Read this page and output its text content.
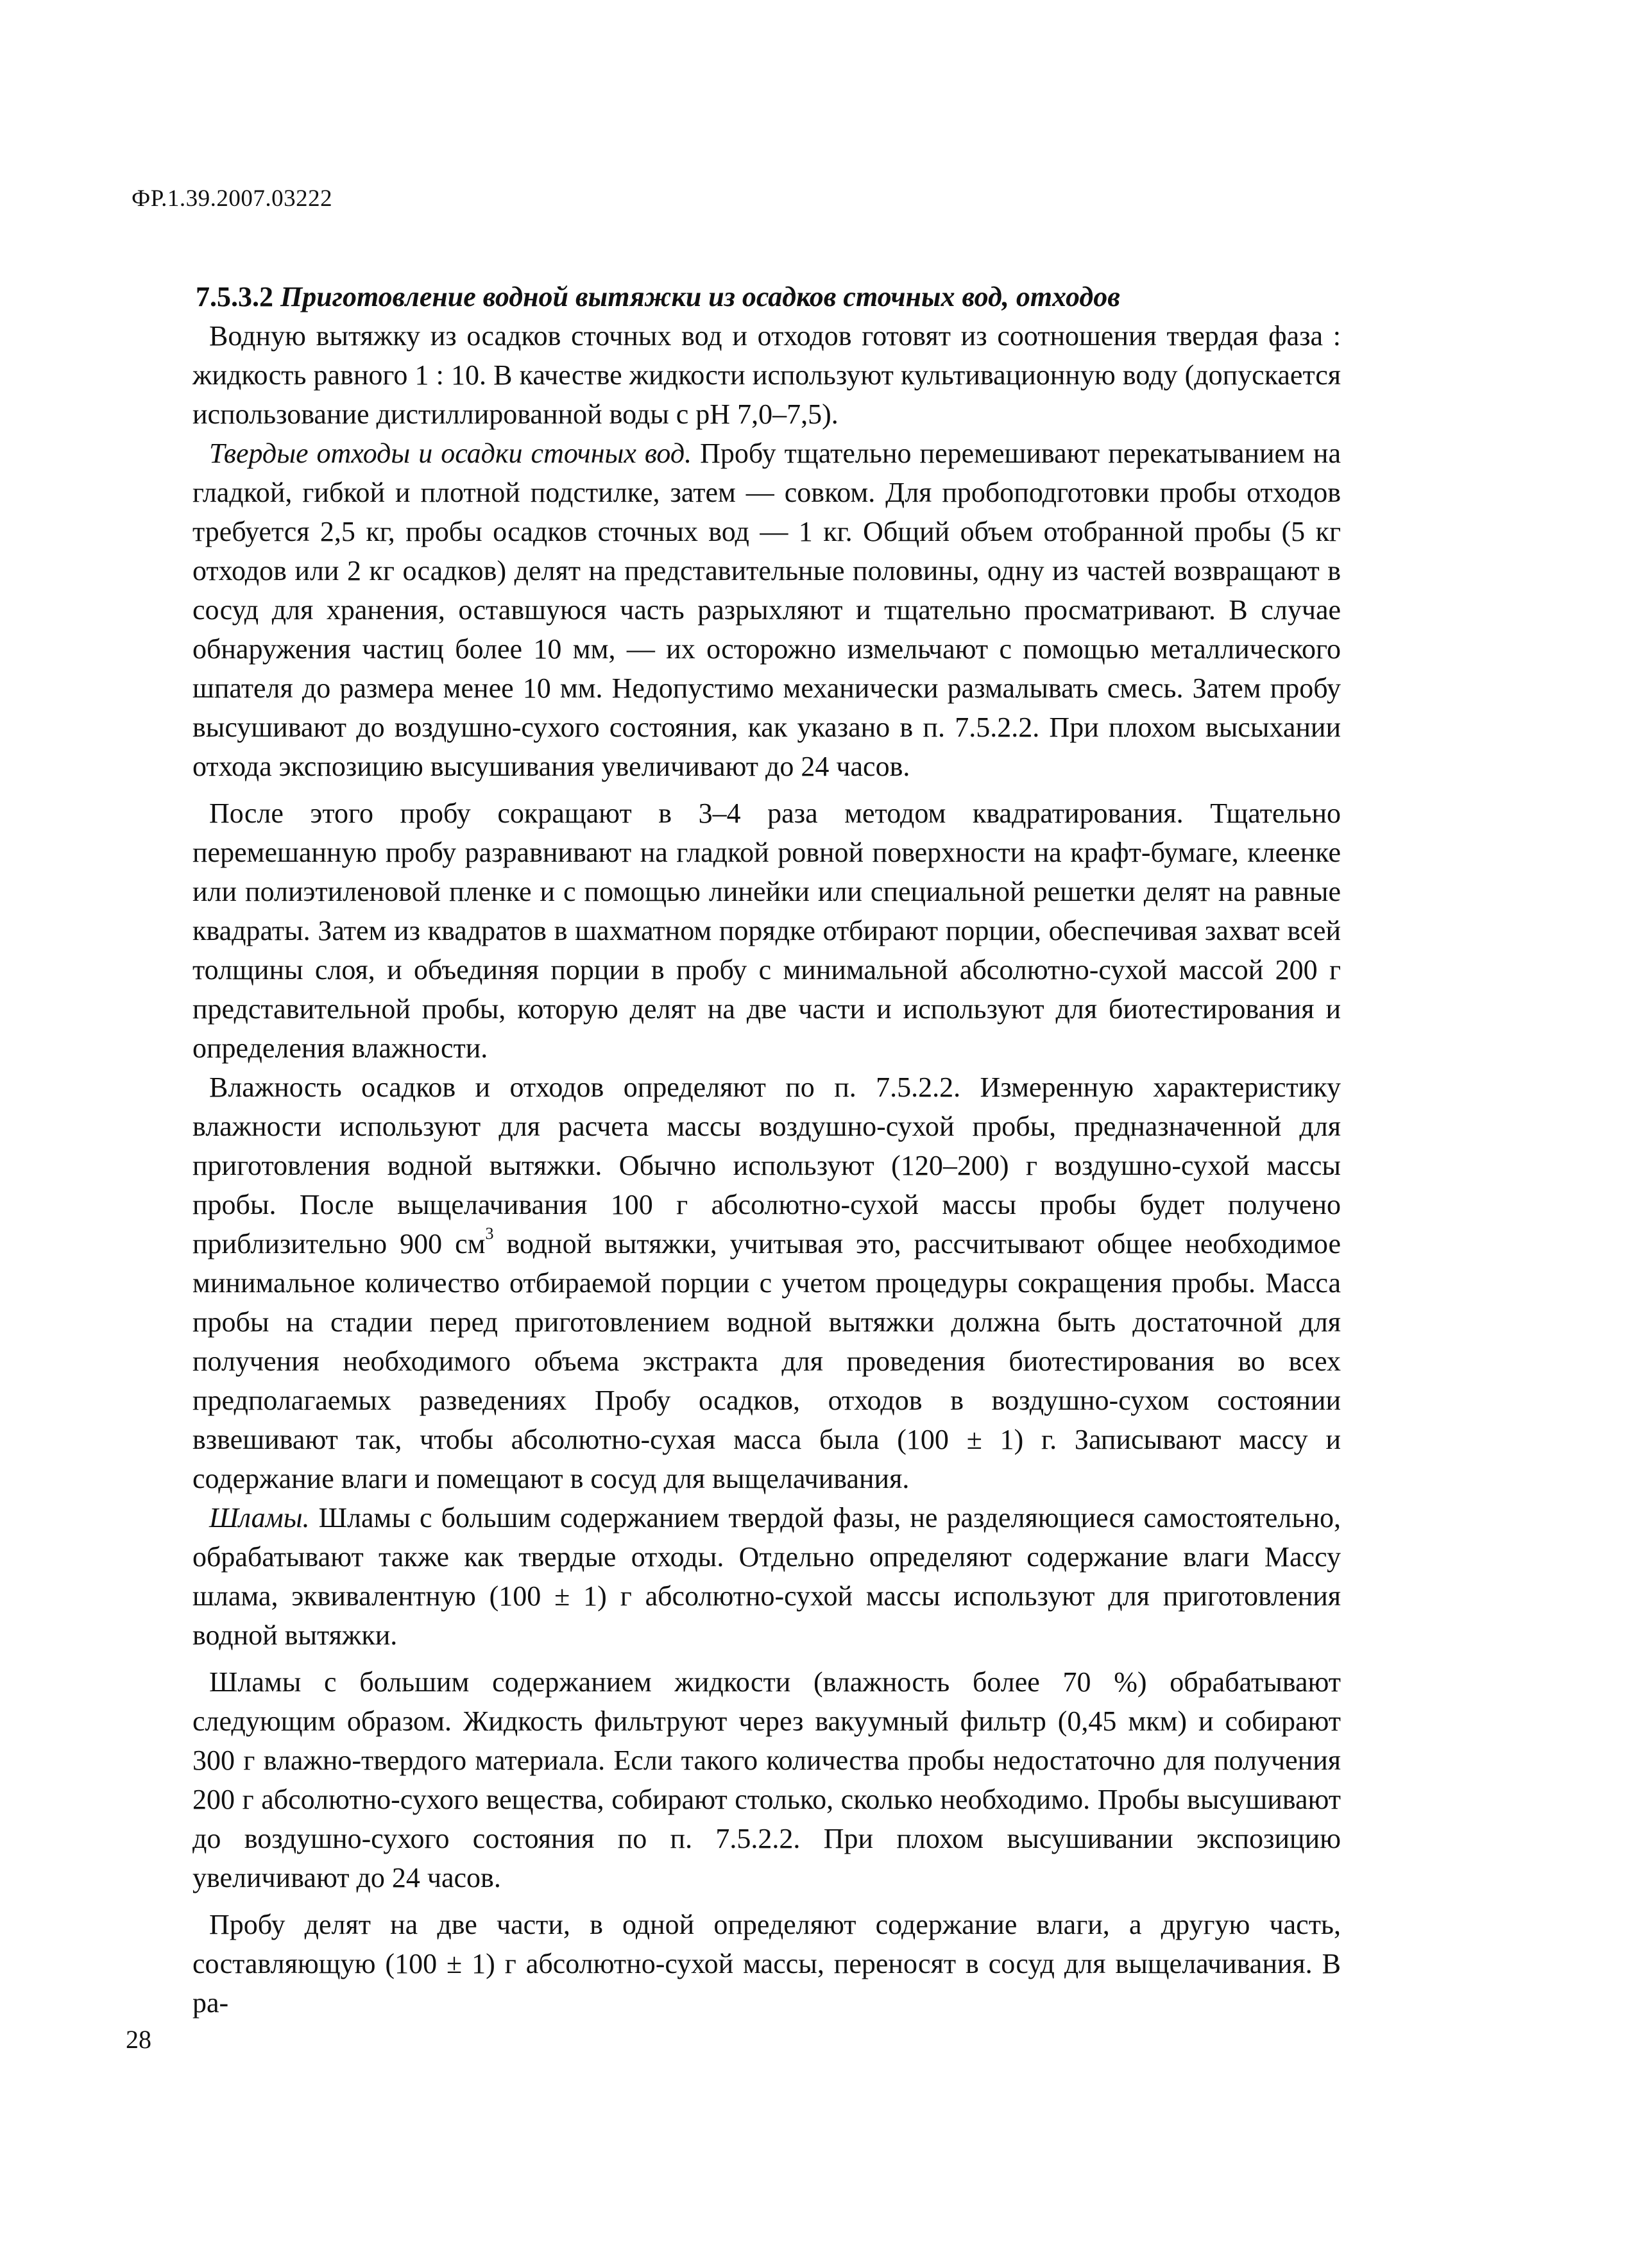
ФР.1.39.2007.03222

7.5.3.2 Приготовление водной вытяжки из осадков сточных вод, отходов

Водную вытяжку из осадков сточных вод и отходов готовят из соотношения твердая фаза : жидкость равного 1 : 10. В качестве жидкости используют культивационную воду (допускается использование дистиллированной воды с рН 7,0–7,5).

Твердые отходы и осадки сточных вод. Пробу тщательно перемешивают перекатыванием на гладкой, гибкой и плотной подстилке, затем — совком. Для пробоподготовки пробы отходов требуется 2,5 кг, пробы осадков сточных вод — 1 кг. Общий объем отобранной пробы (5 кг отходов или 2 кг осадков) делят на представительные половины, одну из частей возвращают в сосуд для хранения, оставшуюся часть разрыхляют и тщательно просматривают. В случае обнаружения частиц более 10 мм, — их осторожно измельчают с помощью металлического шпателя до размера менее 10 мм. Недопустимо механически размалывать смесь. Затем пробу высушивают до воздушно-сухого состояния, как указано в п. 7.5.2.2. При плохом высыхании отхода экспозицию высушивания увеличивают до 24 часов.

После этого пробу сокращают в 3–4 раза методом квадратирования. Тщательно перемешанную пробу разравнивают на гладкой ровной поверхности на крафт-бумаге, клеенке или полиэтиленовой пленке и с помощью линейки или специальной решетки делят на равные квадраты. Затем из квадратов в шахматном порядке отбирают порции, обеспечивая захват всей толщины слоя, и объединяя порции в пробу с минимальной абсолютно-сухой массой 200 г представительной пробы, которую делят на две части и используют для биотестирования и определения влажности.

Влажность осадков и отходов определяют по п. 7.5.2.2. Измеренную характеристику влажности используют для расчета массы воздушно-сухой пробы, предназначенной для приготовления водной вытяжки. Обычно используют (120–200) г воздушно-сухой массы пробы. После выщелачивания 100 г абсолютно-сухой массы пробы будет получено приблизительно 900 $см^3$ водной вытяжки, учитывая это, рассчитывают общее необходимое минимальное количество отбираемой порции с учетом процедуры сокращения пробы. Масса пробы на стадии перед приготовлением водной вытяжки должна быть достаточной для получения необходимого объема экстракта для проведения биотестирования во всех предполагаемых разведениях Пробу осадков, отходов в воздушно-сухом состоянии взвешивают так, чтобы абсолютно-сухая масса была (100 ± 1) г. Записывают массу и содержание влаги и помещают в сосуд для выщелачивания.

Шламы. Шламы с большим содержанием твердой фазы, не разделяющиеся самостоятельно, обрабатывают также как твердые отходы. Отдельно определяют содержание влаги Массу шлама, эквивалентную (100 ± 1) г абсолютно-сухой массы используют для приготовления водной вытяжки.

Шламы с большим содержанием жидкости (влажность более 70 %) обрабатывают следующим образом. Жидкость фильтруют через вакуумный фильтр (0,45 мкм) и собирают 300 г влажно-твердого материала. Если такого количества пробы недостаточно для получения 200 г абсолютно-сухого вещества, собирают столько, сколько необходимо. Пробы высушивают до воздушно-сухого состояния по п. 7.5.2.2. При плохом высушивании экспозицию увеличивают до 24 часов.

Пробу делят на две части, в одной определяют содержание влаги, а другую часть, составляющую (100 ± 1) г абсолютно-сухой массы, переносят в сосуд для выщелачивания. В ра-

28
